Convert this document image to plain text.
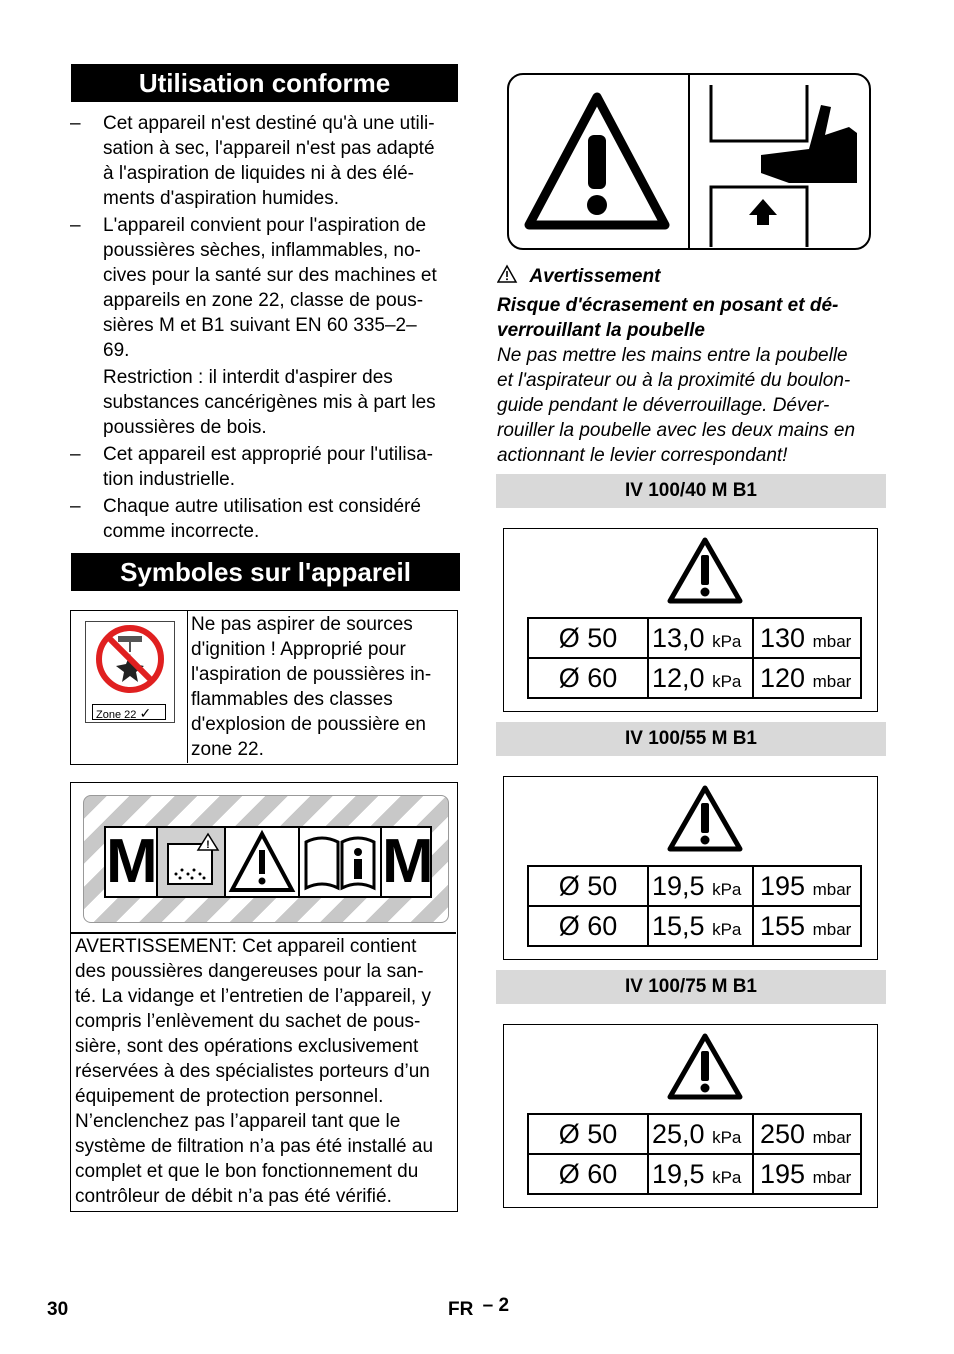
Utilisation conforme
– Cet appareil n'est destiné qu'à une utili-
sation à sec, l'appareil n'est pas adapté
à l'aspiration de liquides ni à des élé-
ments d'aspiration humides.
– L'appareil convient pour l'aspiration de
poussières sèches, inflammables, no-
cives pour la santé sur des machines et
appareils en zone 22, classe de pous-
sières M et B1 suivant EN 60 335–2–
69.
Restriction : il interdit d'aspirer des
substances cancérigènes mis à part les
poussières de bois.
– Cet appareil est approprié pour l'utilisa-
tion industrielle.
– Chaque autre utilisation est considéré
comme incorrecte.
Symboles sur l'appareil
Zone 22 ✓
Ne pas aspirer de sources
d'ignition ! Approprié pour
l'aspiration de poussières in-
flammables des classes
d'explosion de poussière en
zone 22.
M	!	M
AVERTISSEMENT: Cet appareil contient
des poussières dangereuses pour la san-
té. La vidange et l’entretien de l’appareil, y
compris l’enlèvement du sachet de pous-
sière, sont des opérations exclusivement
réservées à des spécialistes porteurs d’un
équipement de protection personnel.
N’enclenchez pas l’appareil tant que le
système de filtration n’a pas été installé au
complet et que le bon fonctionnement du
contrôleur de débit n’a pas été vérifié.
Avertissement
Risque d'écrasement en posant et dé-
verrouillant la poubelle
Ne pas mettre les mains entre la poubelle
et l'aspirateur ou à la proximité du boulon-
guide pendant le déverrouillage. Déver-
rouiller la poubelle avec les deux mains en
actionnant le levier correspondant!
IV 100/40 M B1
Ø 50	13,0 kPa	130 mbar
Ø 60	12,0 kPa	120 mbar
IV 100/55 M B1
Ø 50	19,5 kPa	195 mbar
Ø 60	15,5 kPa	155 mbar
IV 100/75 M B1
Ø 50	25,0 kPa	250 mbar
Ø 60	19,5 kPa	195 mbar
30	FR – 2
